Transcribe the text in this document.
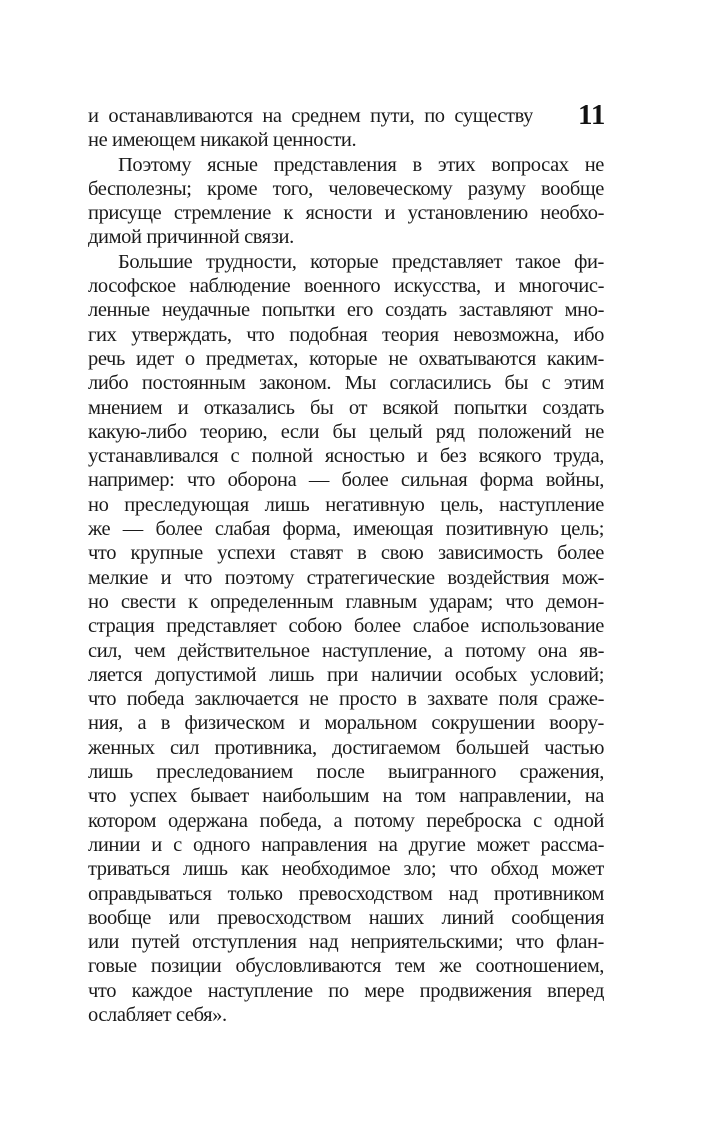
11
и останавливаются на среднем пути, по существу
не имеющем никакой ценности.
Поэтому ясные представления в этих вопросах не
бесполезны; кроме того, человеческому разуму вообще
присуще стремление к ясности и установлению необхо-
димой причинной связи.
Большие трудности, которые представляет такое фи-
лософское наблюдение военного искусства, и многочис-
ленные неудачные попытки его создать заставляют мно-
гих утверждать, что подобная теория невозможна, ибо
речь идет о предметах, которые не охватываются каким-
либо постоянным законом. Мы согласились бы с этим
мнением и отказались бы от всякой попытки создать
какую-либо теорию, если бы целый ряд положений не
устанавливался с полной ясностью и без всякого труда,
например: что оборона — более сильная форма войны,
но преследующая лишь негативную цель, наступление
же — более слабая форма, имеющая позитивную цель;
что крупные успехи ставят в свою зависимость более
мелкие и что поэтому стратегические воздействия мож-
но свести к определенным главным ударам; что демон-
страция представляет собою более слабое использование
сил, чем действительное наступление, а потому она яв-
ляется допустимой лишь при наличии особых условий;
что победа заключается не просто в захвате поля сраже-
ния, а в физическом и моральном сокрушении воору-
женных сил противника, достигаемом большей частью
лишь преследованием после выигранного сражения,
что успех бывает наибольшим на том направлении, на
котором одержана победа, а потому переброска с одной
линии и с одного направления на другие может рассма-
триваться лишь как необходимое зло; что обход может
оправдываться только превосходством над противником
вообще или превосходством наших линий сообщения
или путей отступления над неприятельскими; что флан-
говые позиции обусловливаются тем же соотношением,
что каждое наступление по мере продвижения вперед
ослабляет себя».
